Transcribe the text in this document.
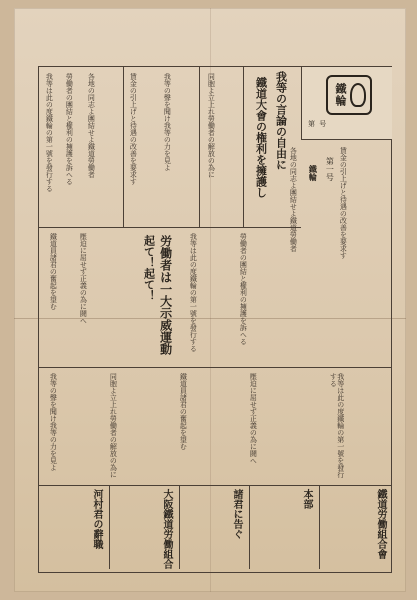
鐵輪
第 号
鐵輪 第一号
我等の言論の自由に
鐵道大會の権利を擁護し
労働者は一大示威運動
起て！起て！
我等は此の度鐵輪の第一號を發行する 勞働者の團結と權利の擁護を訴へる 各地の同志よ團結せよ鐵道勞働者	賃金の引上げと待遇の改善を要求す	我等の聲を聞け我等の力を見よ	同胞よ立上れ勞働者の解放の為に
鐵道員諸君の奮起を望む	壓迫に屈せず正義の為に鬪へ	我等は此の度鐵輪の第一號を發行する	勞働者の團結と權利の擁護を訴へる
各地の同志よ團結せよ鐵道勞働者	賃金の引上げと待遇の改善を要求す
我等の聲を聞け我等の力を見よ	同胞よ立上れ勞働者の解放の為に	鐵道員諸君の奮起を望む	壓迫に屈せず正義の為に鬪へ	我等は此の度鐵輪の第一號を發行する
河村君の辭職	大阪鐵道労働組合	諸君に告ぐ	本部	鐵道労働組合會
